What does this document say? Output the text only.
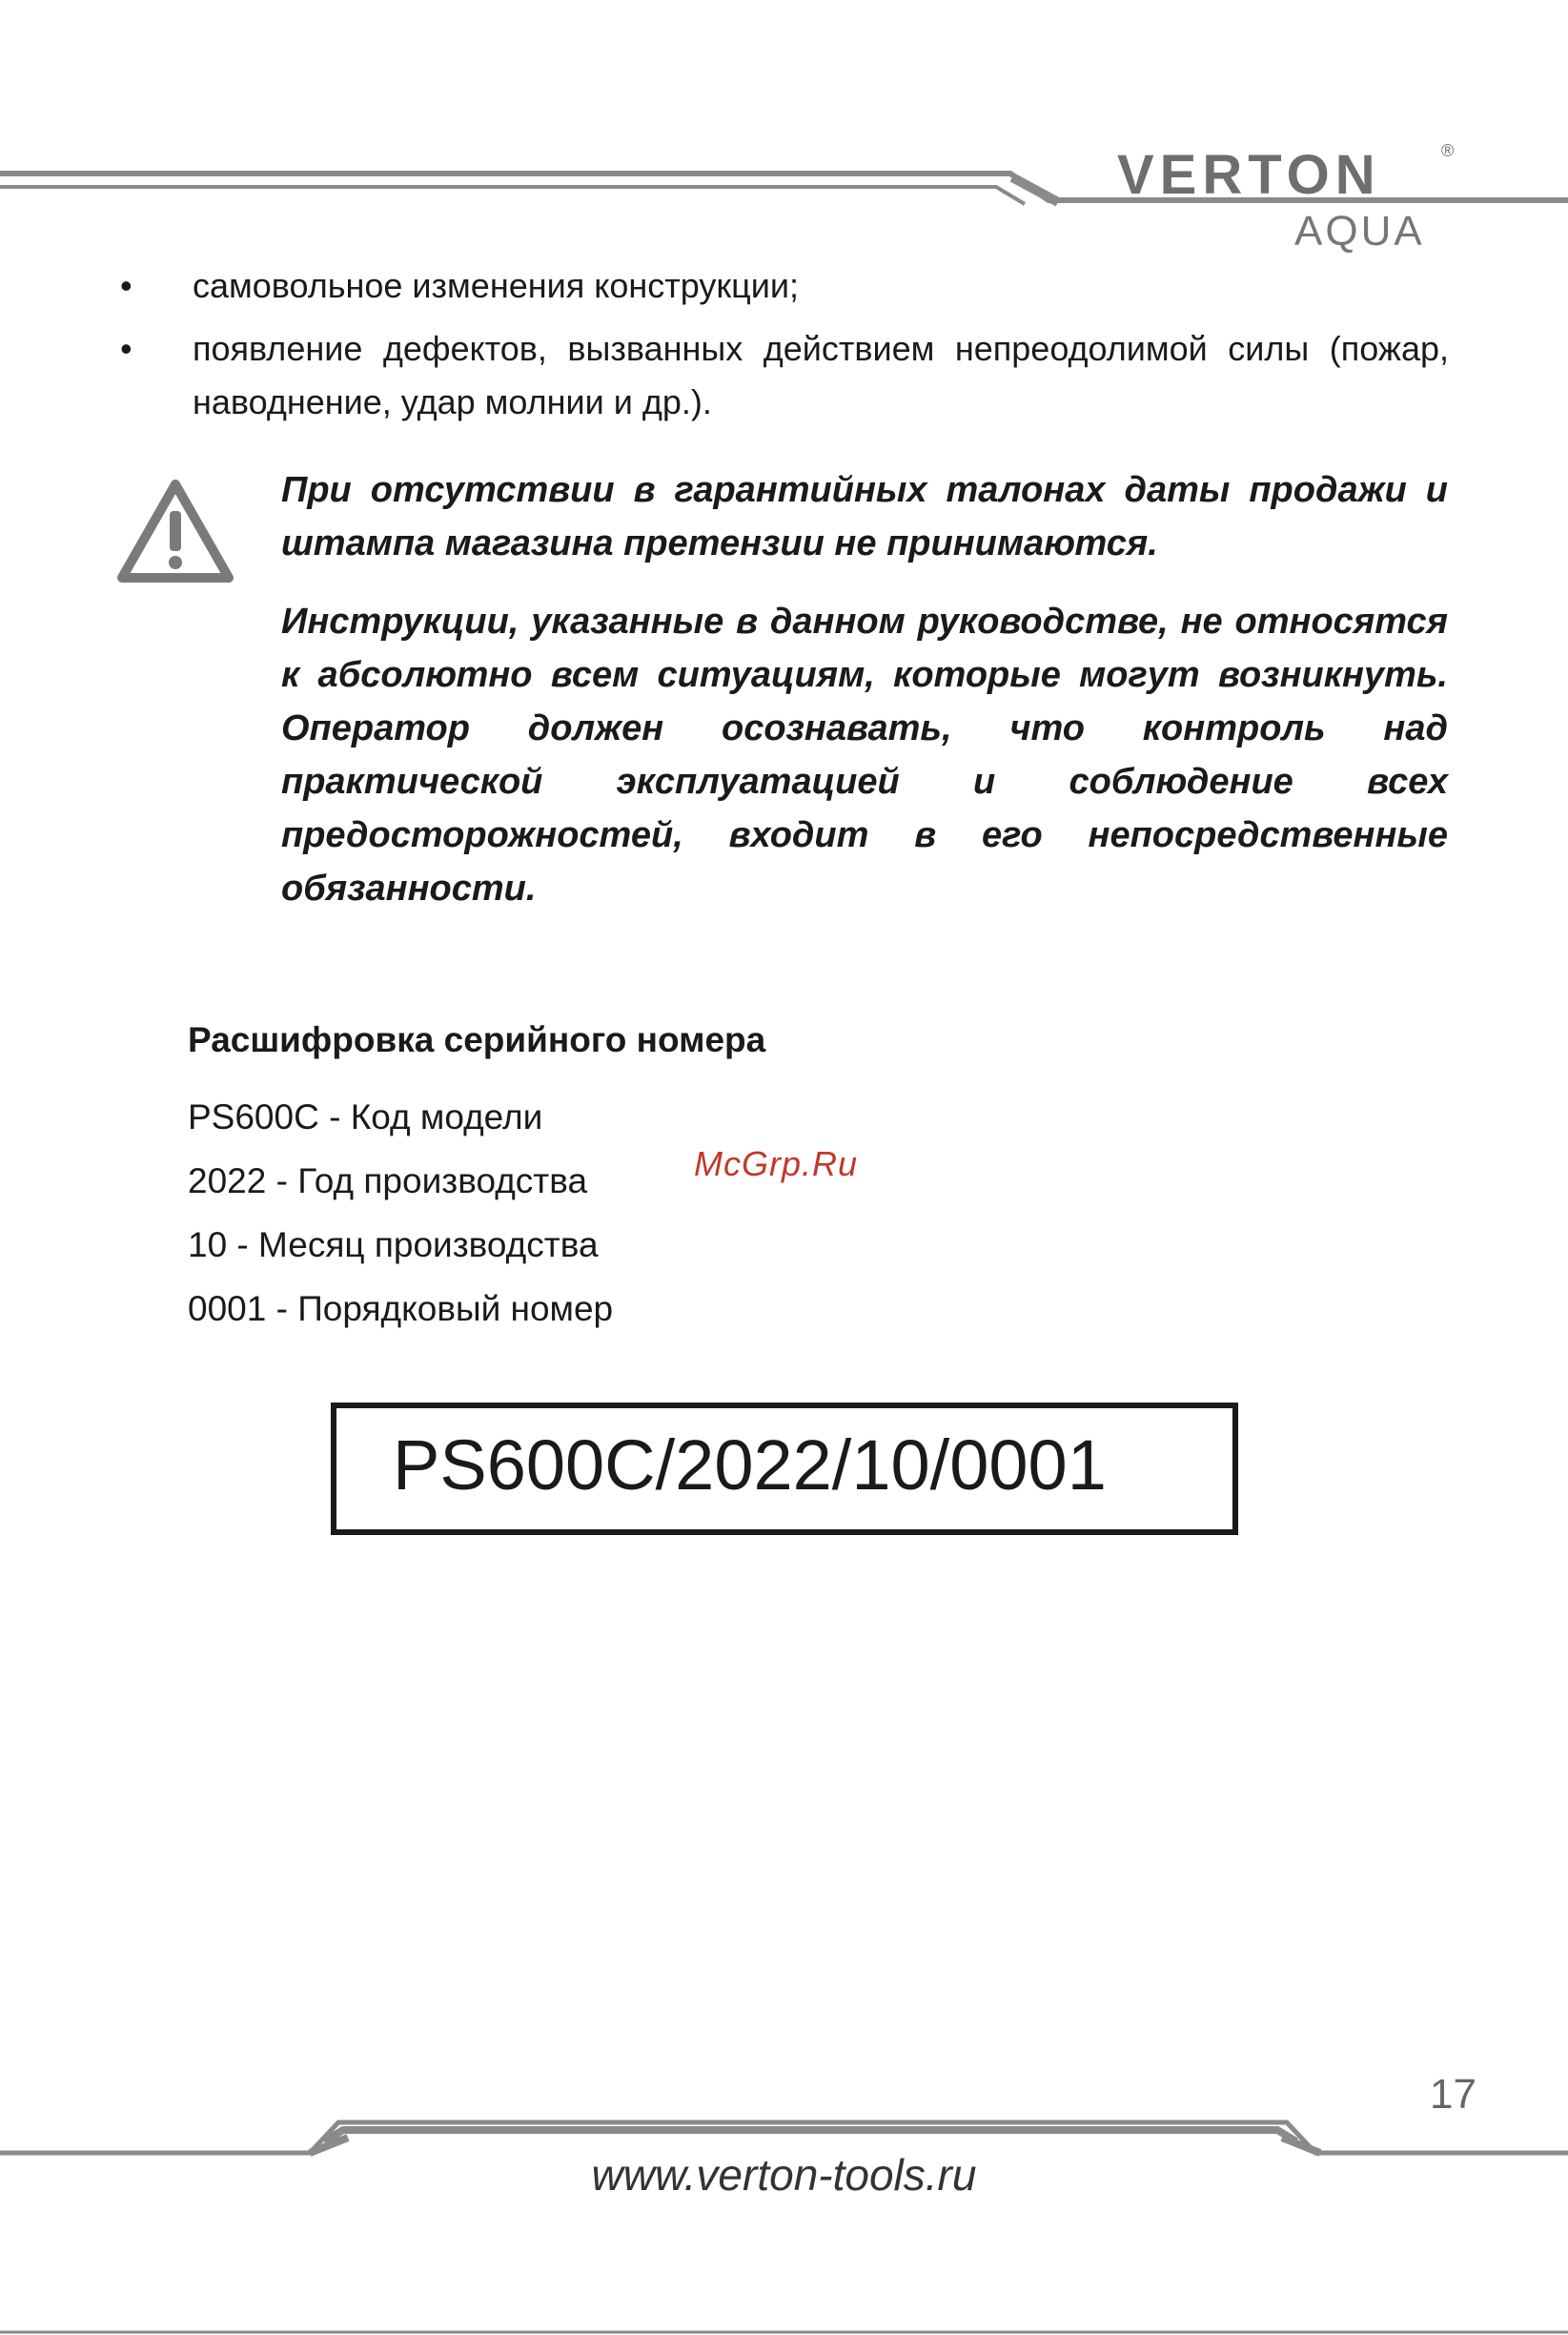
VERTON	®
AQUA
•	самовольное изменения конструкции;
•	появление дефектов, вызванных действием непреодолимой силы (пожар, наводнение, удар молнии и др.).

При отсутствии в гарантийных талонах даты продажи и штампа магазина претензии не принимаются.

Инструкции, указанные в данном руководстве, не относятся к абсолютно всем ситуациям, которые могут возникнуть. Оператор должен осознавать, что контроль над практической эксплуатацией и соблюдение всех предосторожностей, входит в его непосредственные обязанности.

Расшифровка серийного номера
PS600C - Код модели
2022 - Год производства
10 - Месяц производства
0001 - Порядковый номер
McGrp.Ru
PS600C/2022/10/0001
17
www.verton-tools.ru
